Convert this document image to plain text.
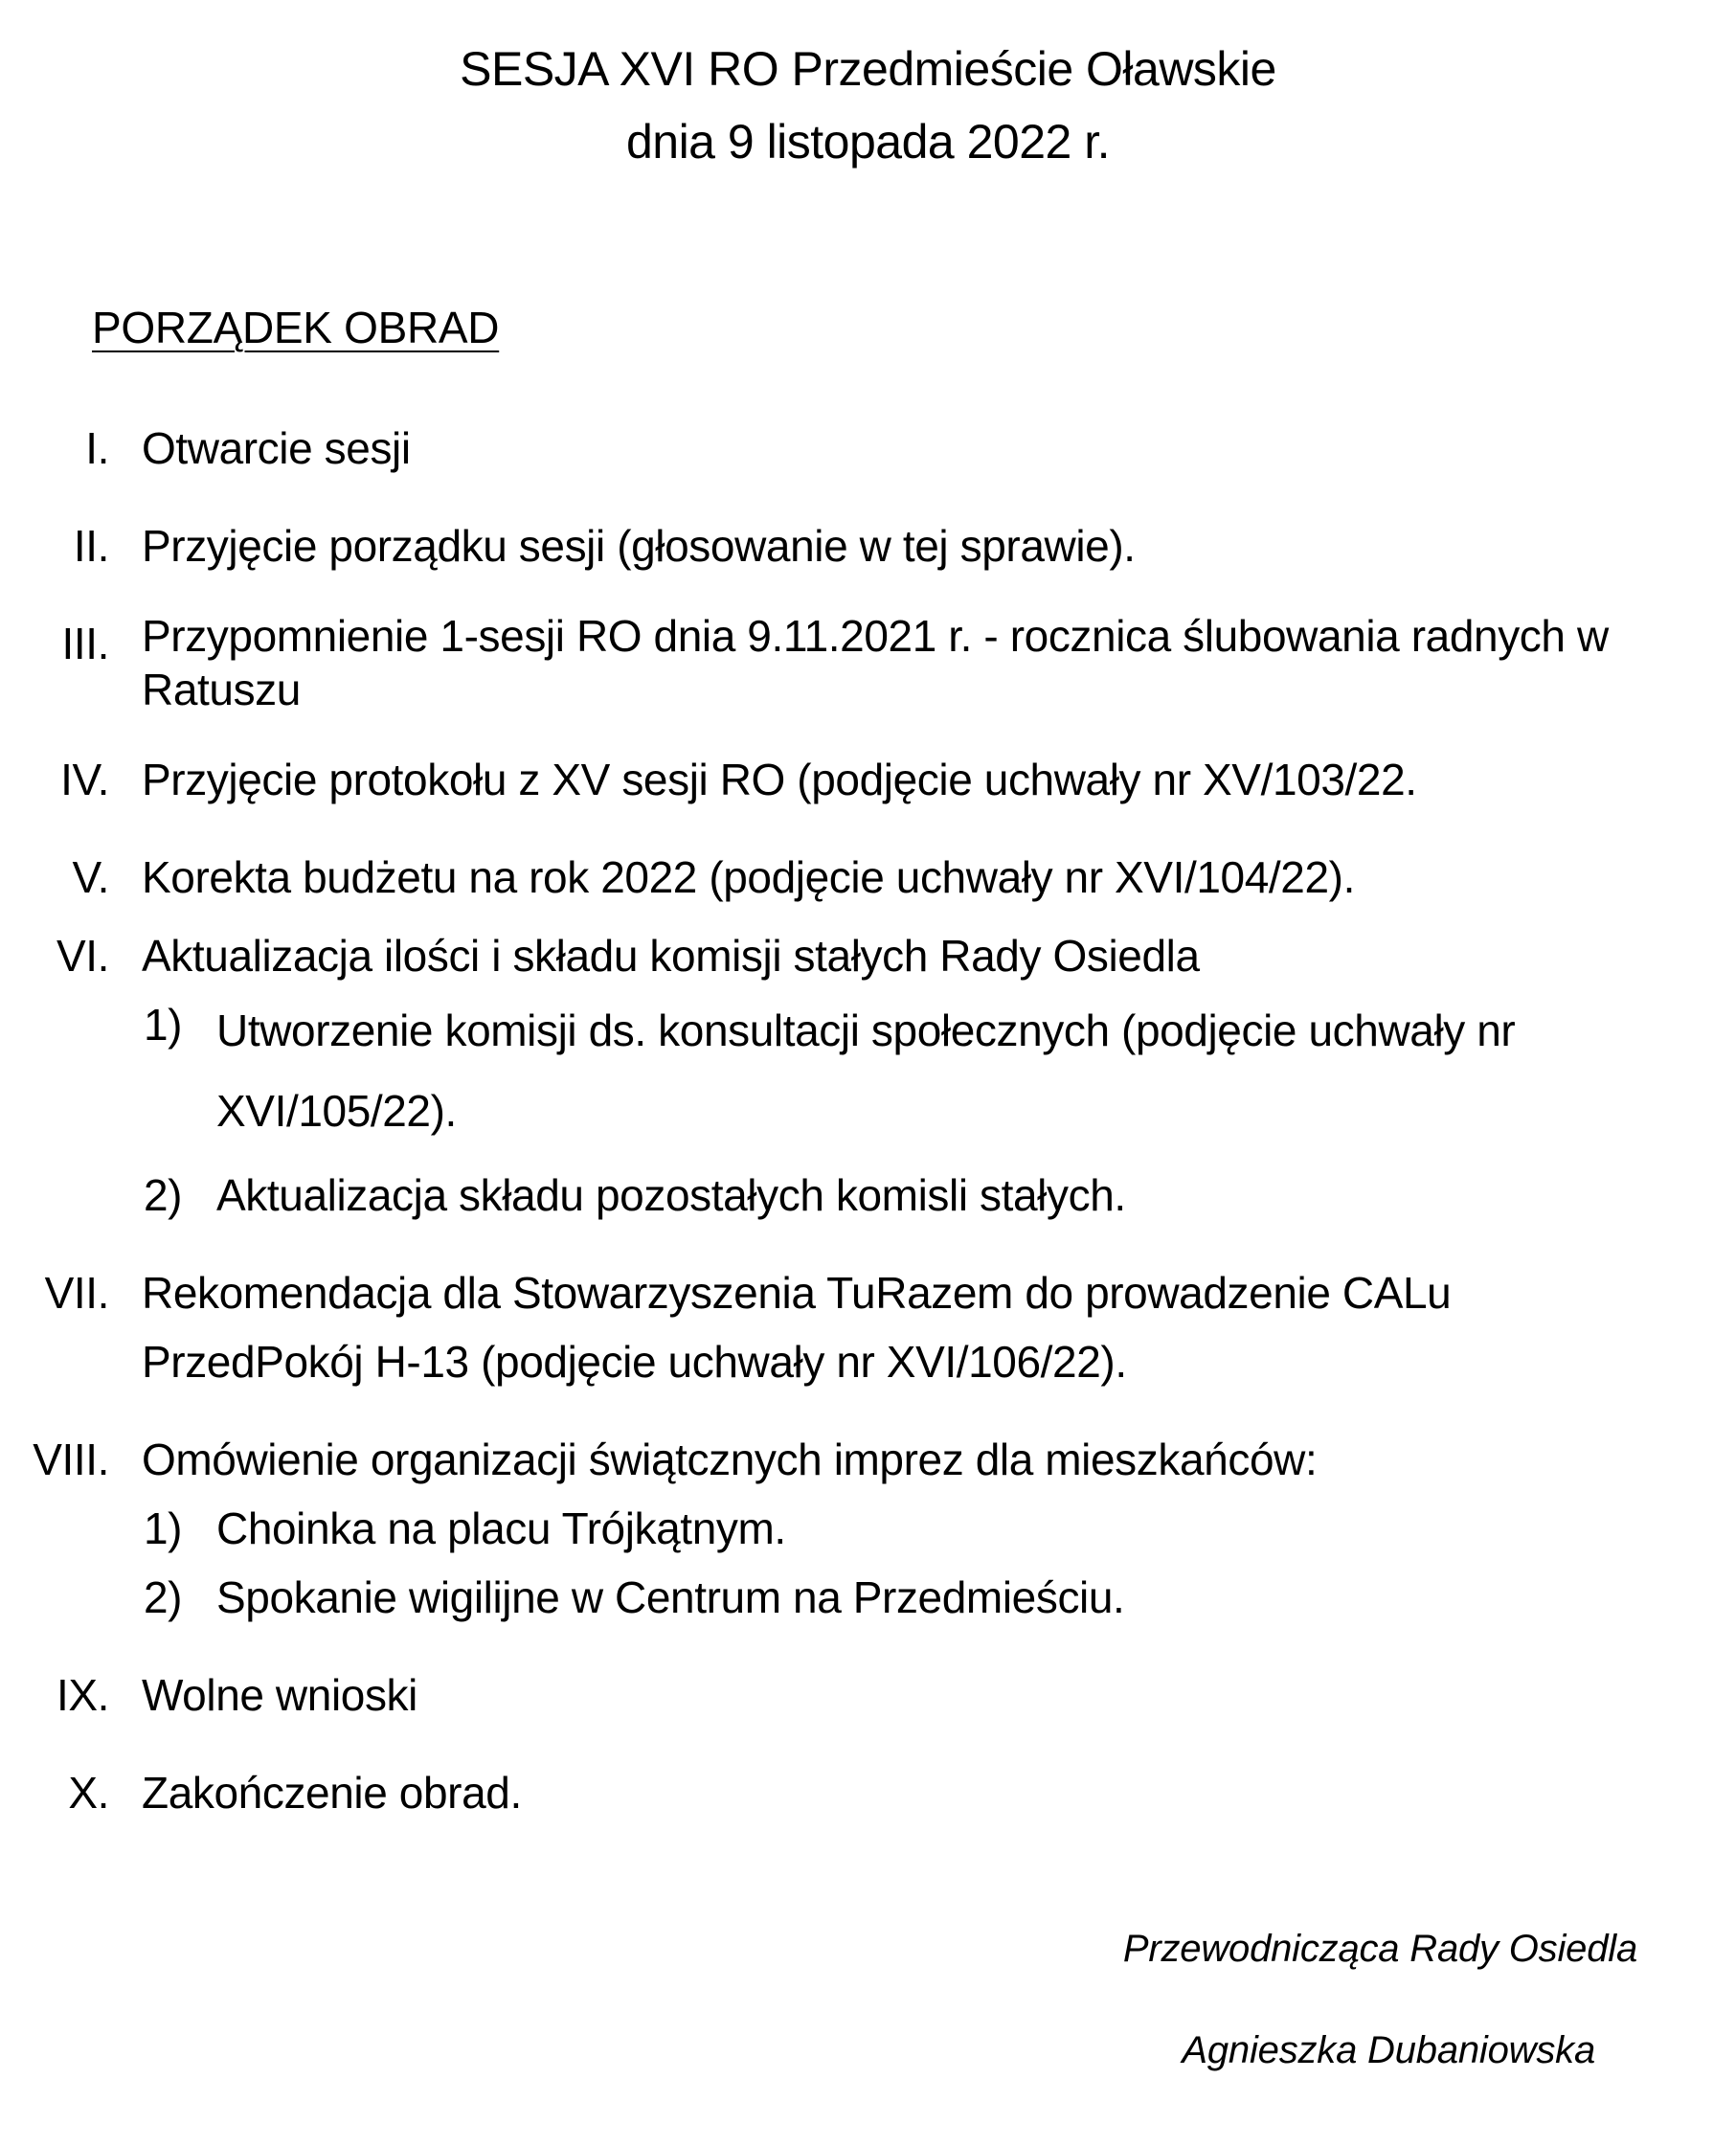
SESJA XVI RO Przedmieście Oławskie
dnia 9 listopada 2022 r.
PORZĄDEK OBRAD
I. Otwarcie sesji
II. Przyjęcie porządku sesji (głosowanie w tej sprawie).
III. Przypomnienie 1-sesji RO dnia 9.11.2021 r. - rocznica ślubowania radnych w Ratuszu
IV. Przyjęcie protokołu z XV sesji RO (podjęcie uchwały nr XV/103/22.
V. Korekta budżetu na rok 2022 (podjęcie uchwały nr XVI/104/22).
VI. Aktualizacja ilości i składu komisji stałych Rady Osiedla
1) Utworzenie komisji ds. konsultacji społecznych (podjęcie uchwały nr XVI/105/22).
2) Aktualizacja składu pozostałych komisli stałych.
VII. Rekomendacja dla Stowarzyszenia TuRazem do prowadzenie CALu PrzedPokój H-13 (podjęcie uchwały nr XVI/106/22).
VIII. Omówienie organizacji świątcznych imprez dla mieszkańców:
1) Choinka na placu Trójkątnym.
2) Spokanie wigilijne w Centrum na Przedmieściu.
IX. Wolne wnioski
X. Zakończenie obrad.
Przewodnicząca Rady Osiedla
Agnieszka Dubaniowska
